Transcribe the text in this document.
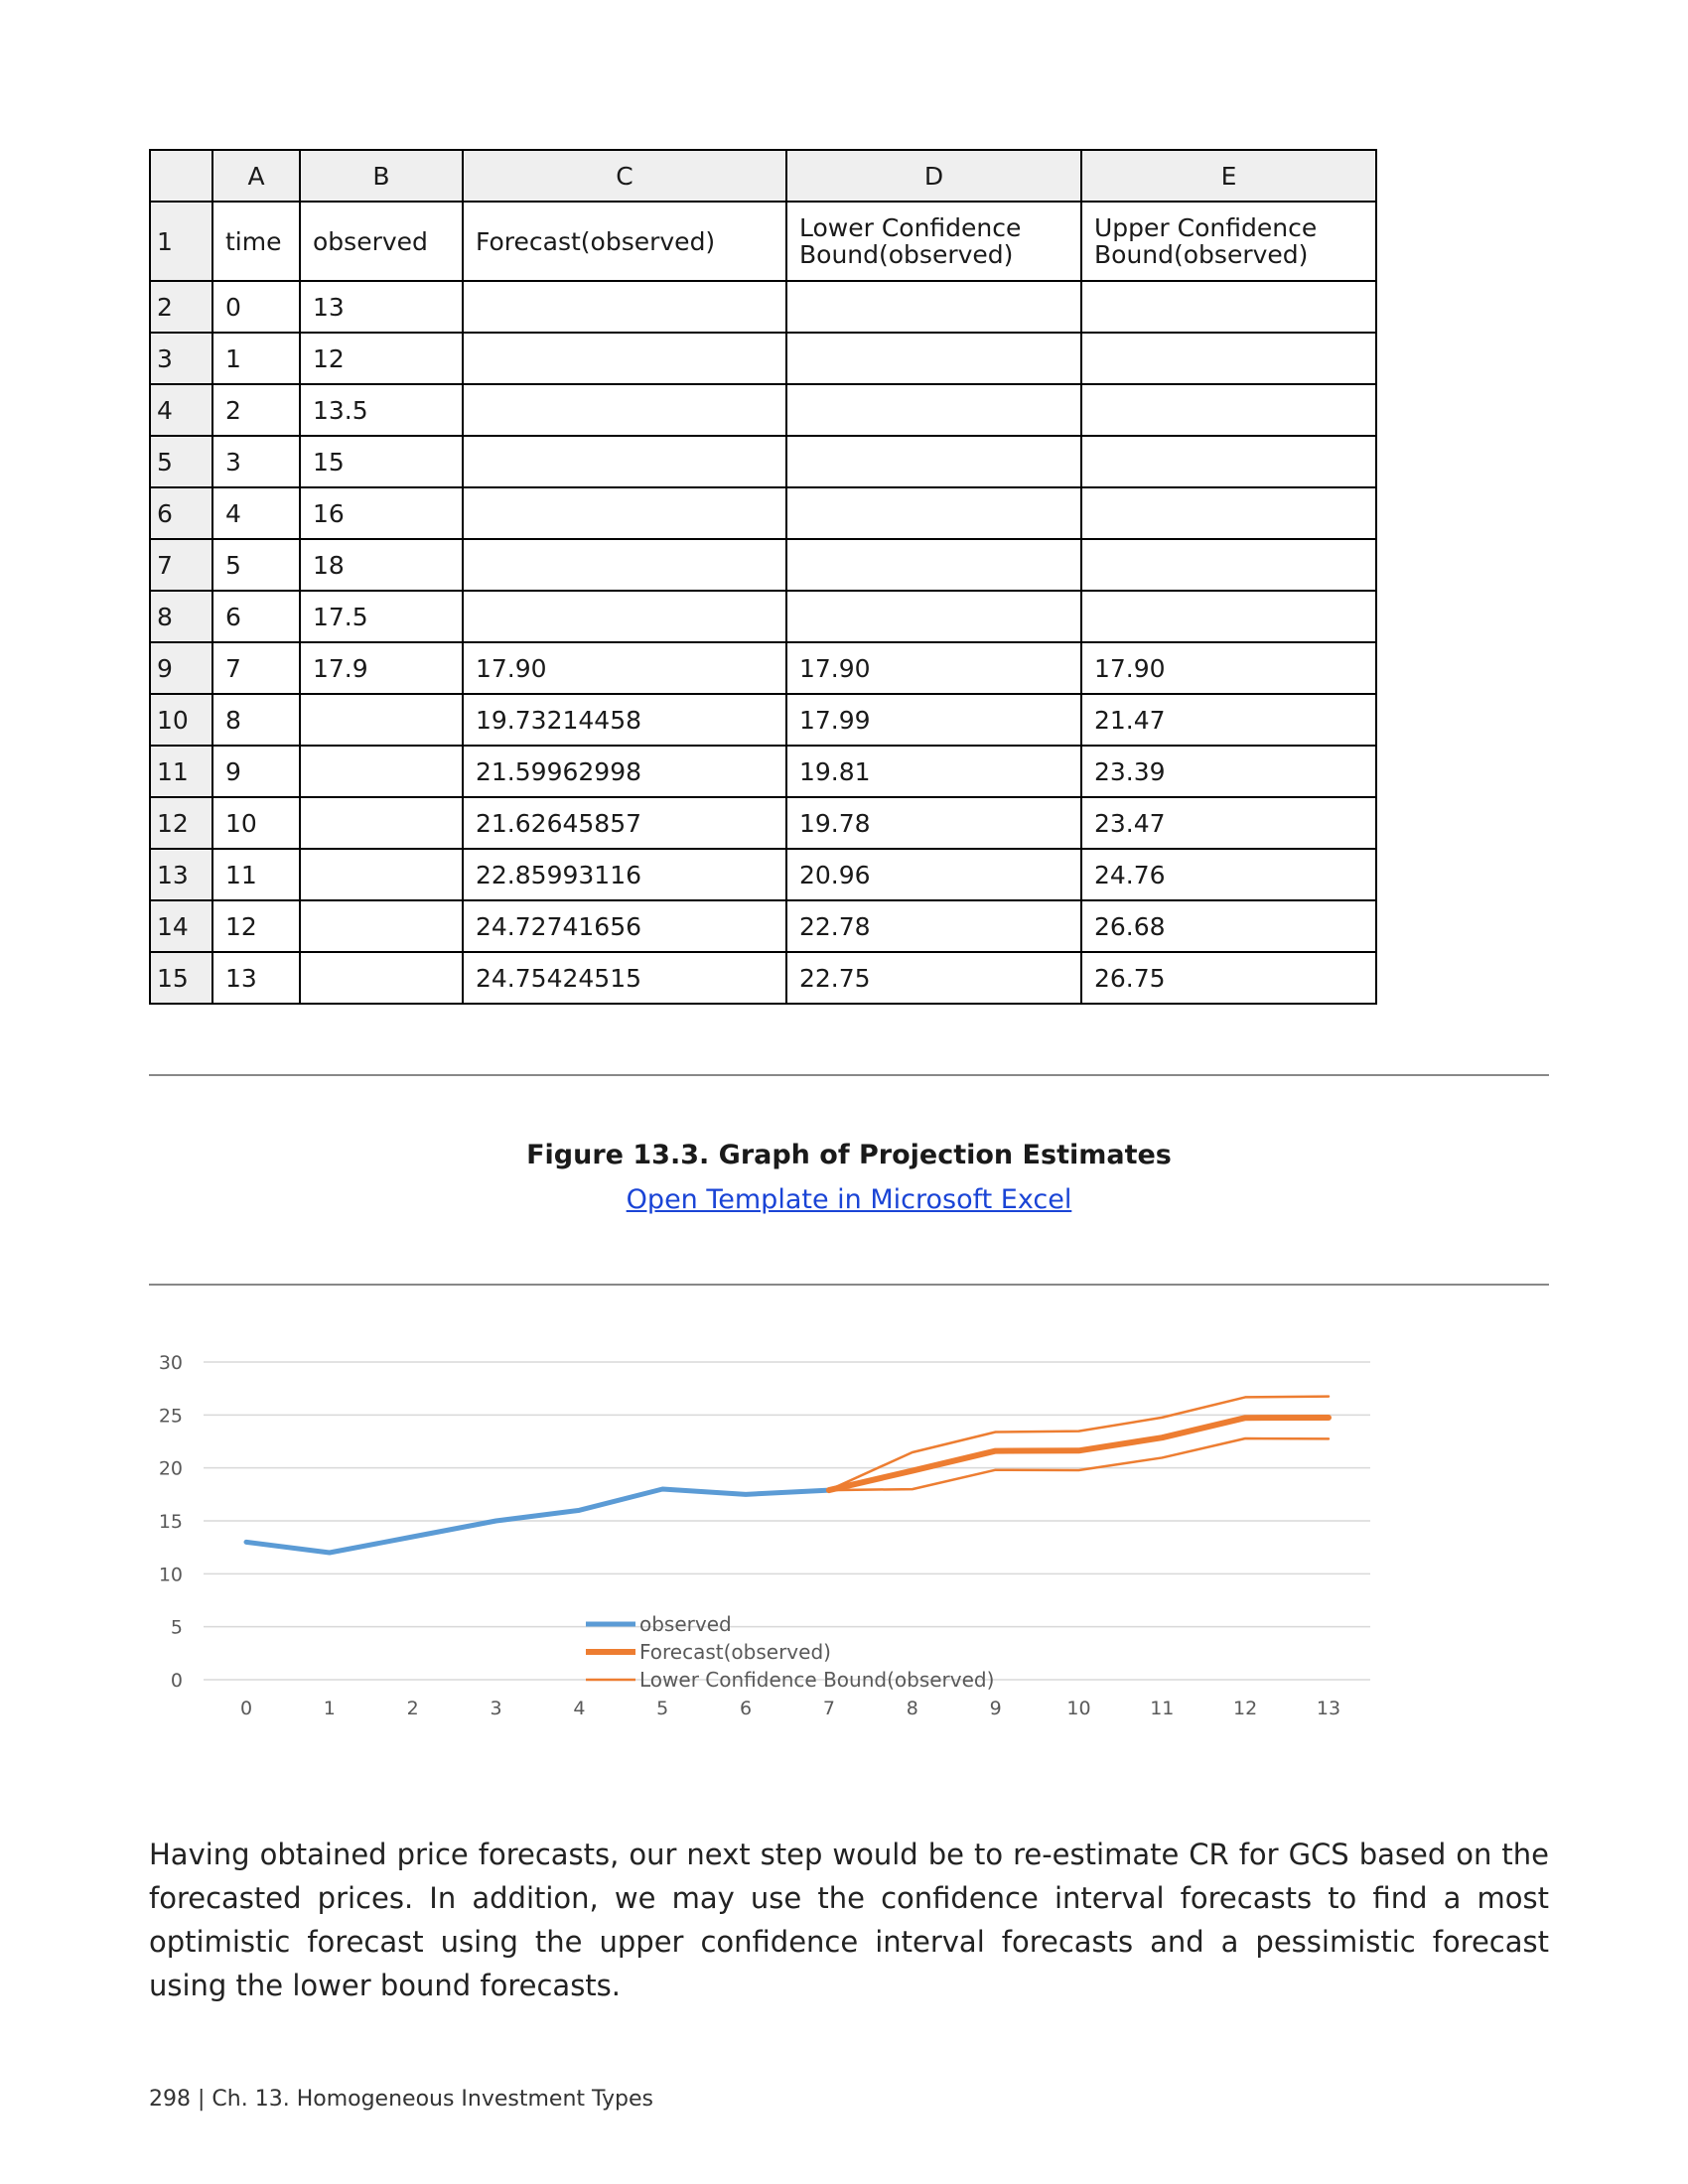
	A	B	C	D	E
1	time	observed	Forecast(observed)	Lower Confidence Bound(observed)	Upper Confidence Bound(observed)
2	0	13			
3	1	12			
4	2	13.5			
5	3	15			
6	4	16			
7	5	18			
8	6	17.5			
9	7	17.9	17.90	17.90	17.90
10	8		19.73214458	17.99	21.47
11	9		21.59962998	19.81	23.39
12	10		21.62645857	19.78	23.47
13	11		22.85993116	20.96	24.76
14	12		24.72741656	22.78	26.68
15	13		24.75424515	22.75	26.75
Figure 13.3. Graph of Projection Estimates
Open Template in Microsoft Excel
0
5
10
15
20
25
30
0	1	2	3	4	5	6	7	8	9	10	11	12	13
observed
Forecast(observed)
Lower Confidence Bound(observed)
Having obtained price forecasts, our next step would be to re-estimate CR for GCS based on the forecasted prices. In addition, we may use the confidence interval forecasts to find a most optimistic forecast using the upper confidence interval forecasts and a pessimistic forecast using the lower bound forecasts.
298 | Ch. 13. Homogeneous Investment Types
